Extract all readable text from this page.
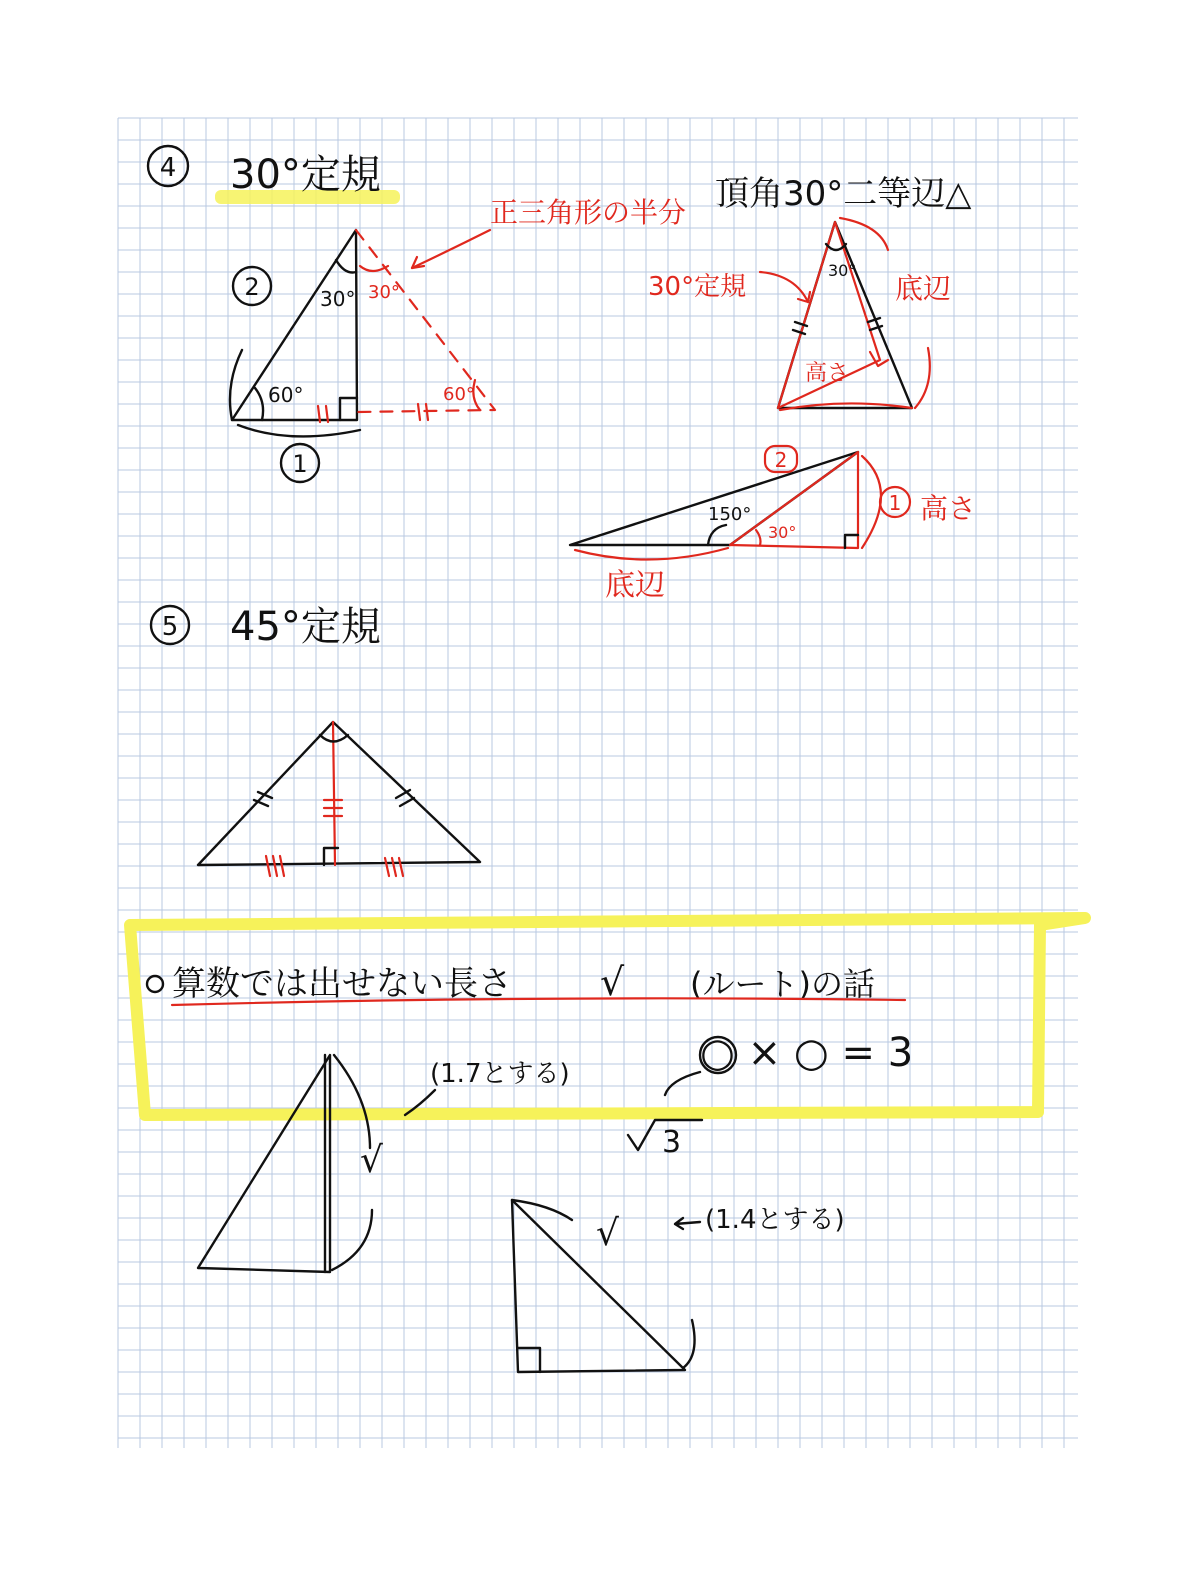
4 30°定規	頂角30°二等辺△
正三角形の半分
30°
60°
2
1
30°
60°
30°
高さ
30°定規	底辺
150°
30°
1 高さ
2
底辺
5 45°定規
算数では出せない長さ √ (ルート)の話
√
(1.7とする)	○ × ○ = 3
3
√	(1.4とする)
